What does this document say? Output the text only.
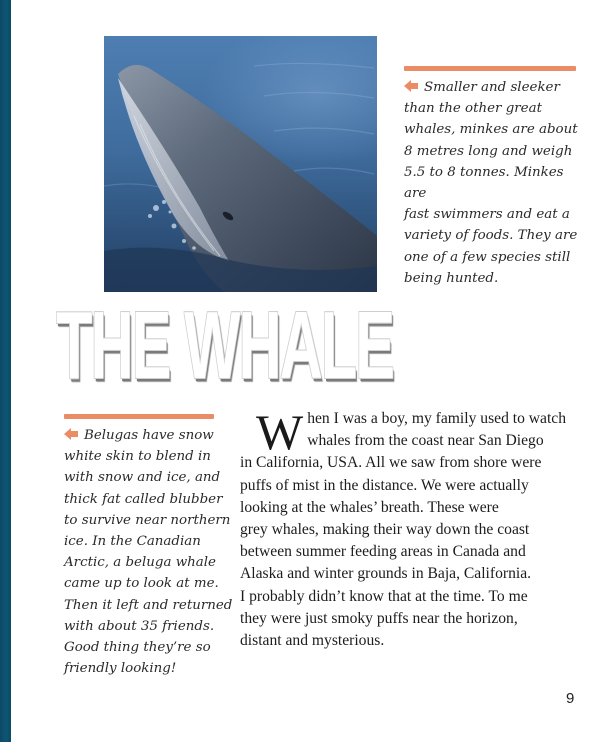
Smaller and sleeker
than the other great
whales, minkes are about
8 metres long and weigh
5.5 to 8 tonnes. Minkes are
fast swimmers and eat a
variety of foods. They are
one of a few species still
being hunted.
THE WHALE
Belugas have snow
white skin to blend in
with snow and ice, and
thick fat called blubber
to survive near northern
ice. In the Canadian
Arctic, a beluga whale
came up to look at me.
Then it left and returned
with about 35 friends.
Good thing they’re so
friendly looking!
W hen I was a boy, my family used to watch
whales from the coast near San Diego
in California, USA. All we saw from shore were
puffs of mist in the distance. We were actually
looking at the whales’ breath. These were
grey whales, making their way down the coast
between summer feeding areas in Canada and
Alaska and winter grounds in Baja, California.
I probably didn’t know that at the time. To me
they were just smoky puffs near the horizon,
distant and mysterious.
9
